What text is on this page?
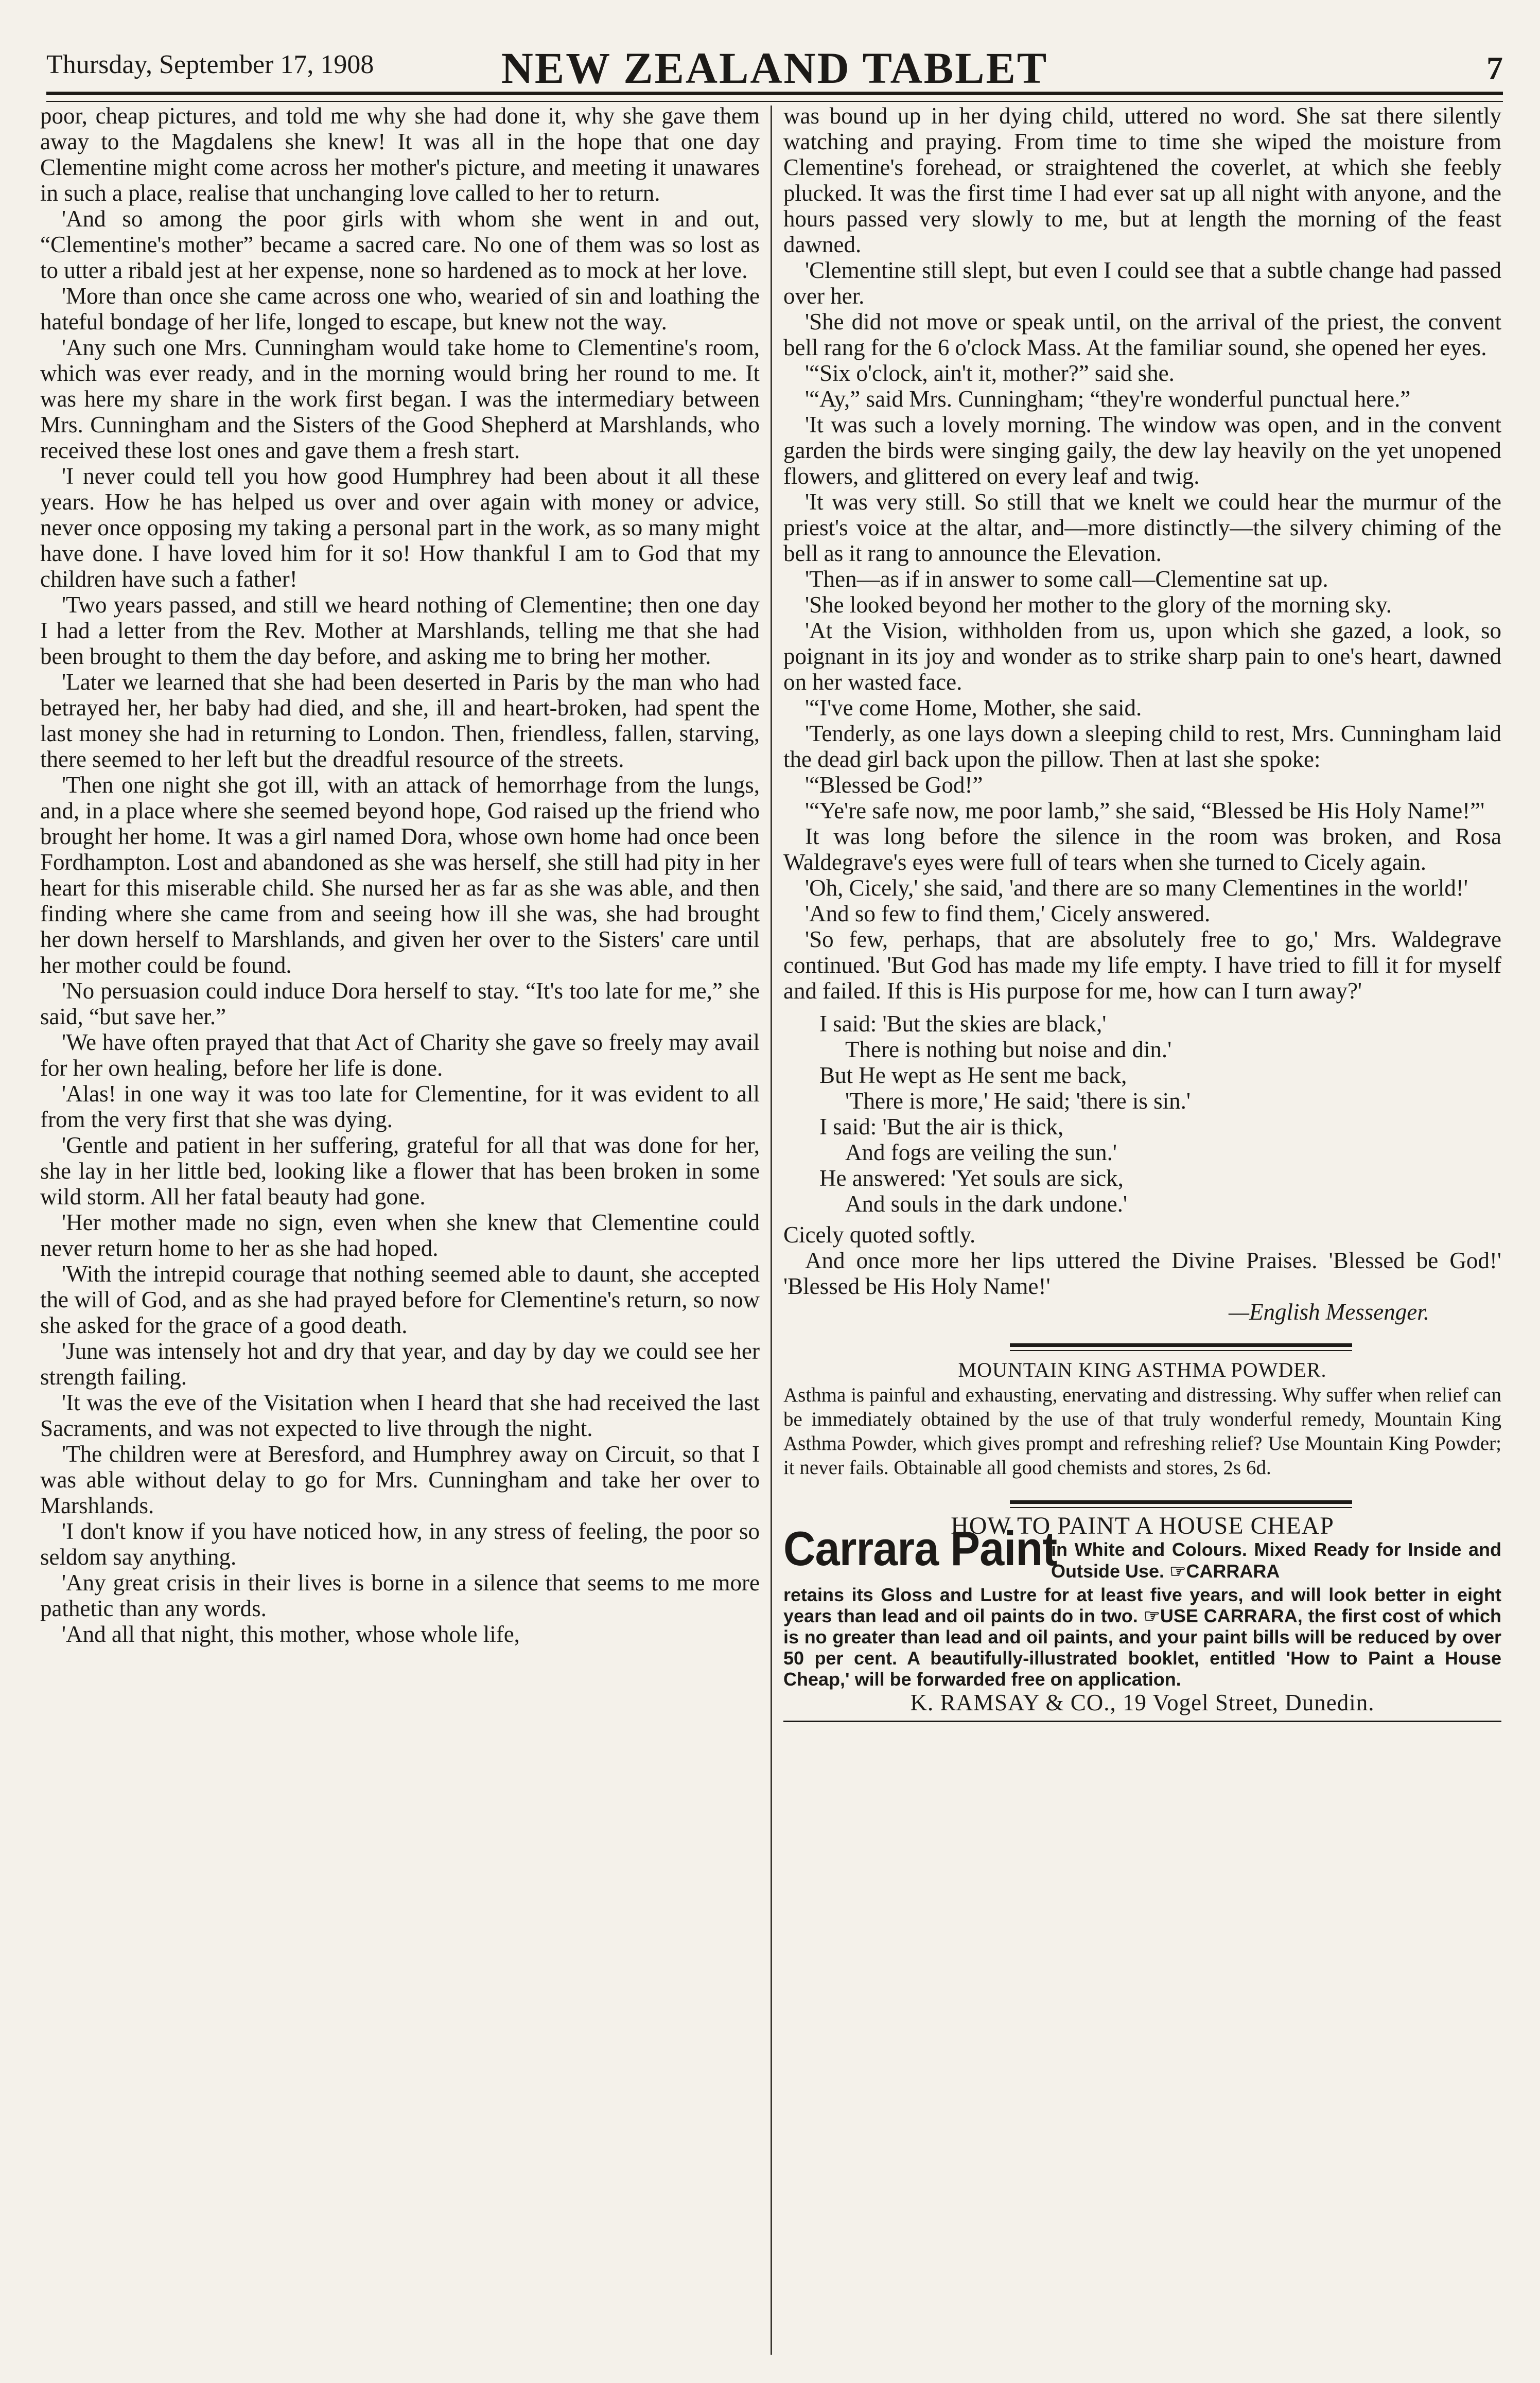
Thursday, September 17, 1908	NEW ZEALAND TABLET	7

poor, cheap pictures, and told me why she had done it, why she gave them away to the Magdalens she knew! It was all in the hope that one day Clementine might come across her mother's picture, and meeting it unawares in such a place, realise that unchanging love called to her to return.

'And so among the poor girls with whom she went in and out, “Clementine's mother” became a sacred care. No one of them was so lost as to utter a ribald jest at her expense, none so hardened as to mock at her love.

'More than once she came across one who, wearied of sin and loathing the hateful bondage of her life, longed to escape, but knew not the way.

'Any such one Mrs. Cunningham would take home to Clementine's room, which was ever ready, and in the morning would bring her round to me. It was here my share in the work first began. I was the intermediary between Mrs. Cunningham and the Sisters of the Good Shepherd at Marshlands, who received these lost ones and gave them a fresh start.

'I never could tell you how good Humphrey had been about it all these years. How he has helped us over and over again with money or advice, never once opposing my taking a personal part in the work, as so many might have done. I have loved him for it so! How thankful I am to God that my children have such a father!

'Two years passed, and still we heard nothing of Clementine; then one day I had a letter from the Rev. Mother at Marshlands, telling me that she had been brought to them the day before, and asking me to bring her mother.

'Later we learned that she had been deserted in Paris by the man who had betrayed her, her baby had died, and she, ill and heart-broken, had spent the last money she had in returning to London. Then, friendless, fallen, starving, there seemed to her left but the dreadful resource of the streets.

'Then one night she got ill, with an attack of hemorrhage from the lungs, and, in a place where she seemed beyond hope, God raised up the friend who brought her home. It was a girl named Dora, whose own home had once been Fordhampton. Lost and abandoned as she was herself, she still had pity in her heart for this miserable child. She nursed her as far as she was able, and then finding where she came from and seeing how ill she was, she had brought her down herself to Marshlands, and given her over to the Sisters' care until her mother could be found.

'No persuasion could induce Dora herself to stay. “It's too late for me,” she said, “but save her.”

'We have often prayed that that Act of Charity she gave so freely may avail for her own healing, before her life is done.

'Alas! in one way it was too late for Clementine, for it was evident to all from the very first that she was dying.

'Gentle and patient in her suffering, grateful for all that was done for her, she lay in her little bed, looking like a flower that has been broken in some wild storm. All her fatal beauty had gone.

'Her mother made no sign, even when she knew that Clementine could never return home to her as she had hoped.

'With the intrepid courage that nothing seemed able to daunt, she accepted the will of God, and as she had prayed before for Clementine's return, so now she asked for the grace of a good death.

'June was intensely hot and dry that year, and day by day we could see her strength failing.

'It was the eve of the Visitation when I heard that she had received the last Sacraments, and was not expected to live through the night.

'The children were at Beresford, and Humphrey away on Circuit, so that I was able without delay to go for Mrs. Cunningham and take her over to Marshlands.

'I don't know if you have noticed how, in any stress of feeling, the poor so seldom say anything.

'Any great crisis in their lives is borne in a silence that seems to me more pathetic than any words.

'And all that night, this mother, whose whole life,

was bound up in her dying child, uttered no word. She sat there silently watching and praying. From time to time she wiped the moisture from Clementine's forehead, or straightened the coverlet, at which she feebly plucked. It was the first time I had ever sat up all night with anyone, and the hours passed very slowly to me, but at length the morning of the feast dawned.

'Clementine still slept, but even I could see that a subtle change had passed over her.

'She did not move or speak until, on the arrival of the priest, the convent bell rang for the 6 o'clock Mass. At the familiar sound, she opened her eyes.

'“Six o'clock, ain't it, mother?” said she.

'“Ay,” said Mrs. Cunningham; “they're wonderful punctual here.”

'It was such a lovely morning. The window was open, and in the convent garden the birds were singing gaily, the dew lay heavily on the yet unopened flowers, and glittered on every leaf and twig.

'It was very still. So still that we knelt we could hear the murmur of the priest's voice at the altar, and—more distinctly—the silvery chiming of the bell as it rang to announce the Elevation.

'Then—as if in answer to some call—Clementine sat up.

'She looked beyond her mother to the glory of the morning sky.

'At the Vision, withholden from us, upon which she gazed, a look, so poignant in its joy and wonder as to strike sharp pain to one's heart, dawned on her wasted face.

'“I've come Home, Mother, she said.

'Tenderly, as one lays down a sleeping child to rest, Mrs. Cunningham laid the dead girl back upon the pillow. Then at last she spoke:

'“Blessed be God!”

'“Ye're safe now, me poor lamb,” she said, “Blessed be His Holy Name!”'

It was long before the silence in the room was broken, and Rosa Waldegrave's eyes were full of tears when she turned to Cicely again.

'Oh, Cicely,' she said, 'and there are so many Clementines in the world!'

'And so few to find them,' Cicely answered.

'So few, perhaps, that are absolutely free to go,' Mrs. Waldegrave continued. 'But God has made my life empty. I have tried to fill it for myself and failed. If this is His purpose for me, how can I turn away?'

I said: 'But the skies are black,'

There is nothing but noise and din.'

But He wept as He sent me back,

'There is more,' He said; 'there is sin.'

I said: 'But the air is thick,

And fogs are veiling the sun.'

He answered: 'Yet souls are sick,

And souls in the dark undone.'

Cicely quoted softly.

And once more her lips uttered the Divine Praises. 'Blessed be God!' 'Blessed be His Holy Name!'

—English Messenger.

MOUNTAIN KING ASTHMA POWDER.

Asthma is painful and exhausting, enervating and distressing. Why suffer when relief can be immediately obtained by the use of that truly wonderful remedy, Mountain King Asthma Powder, which gives prompt and refreshing relief? Use Mountain King Powder; it never fails. Obtainable all good chemists and stores, 2s 6d.

HOW TO PAINT A HOUSE CHEAP

Carrara Paint
in White and Colours. Mixed Ready for Inside and Outside Use. ☞CARRARA

retains its Gloss and Lustre for at least five years, and will look better in eight years than lead and oil paints do in two. ☞USE CARRARA, the first cost of which is no greater than lead and oil paints, and your paint bills will be reduced by over 50 per cent. A beautifully-illustrated booklet, entitled 'How to Paint a House Cheap,' will be forwarded free on application.

K. RAMSAY & CO., 19 Vogel Street, Dunedin.
